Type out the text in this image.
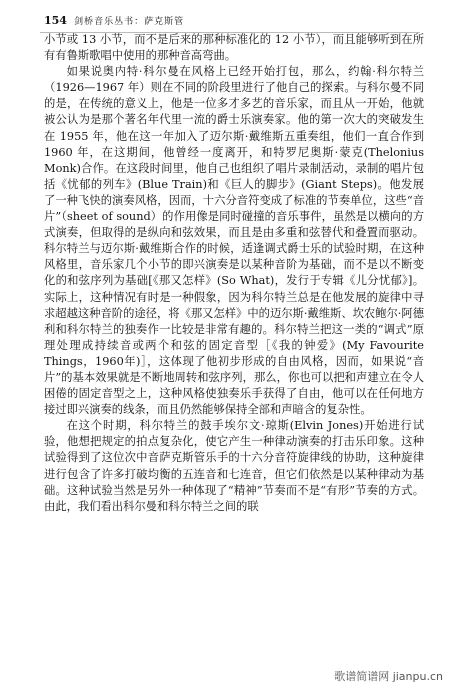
154 剑桥音乐丛书：萨克斯管

小节或 13 小节，而不是后来的那种标准化的 12 小节），而且能够听到在所有有鲁斯歌唱中使用的那种音高弯曲。

如果说奥内特·科尔曼在风格上已经开始打包，那么，约翰·科尔特兰（1926—1967 年）则在不同的阶段里进行了他自己的探索。与科尔曼不同的是，在传统的意义上，他是一位多才多艺的音乐家，而且从一开始，他就被公认为是那个著名年代里一流的爵士乐演奏家。他的第一次大的突破发生在 1955 年，他在这一年加入了迈尔斯·戴维斯五重奏组，他们一直合作到 1960 年，在这期间，他曾经一度离开，和特罗尼奥斯·蒙克(Thelonius Monk)合作。在这段时间里，他自己也组织了唱片录制活动，录制的唱片包括《忧郁的列车》(Blue Train)和《巨人的脚步》(Giant Steps)。他发展了一种飞快的演奏风格，因而，十六分音符变成了标准的节奏单位，这些“音片”（sheet of sound）的作用像是同时碰撞的音乐事件，虽然是以横向的方式演奏，但取得的是纵向和弦效果，而且是由多重和弦替代和叠置而驱动。科尔特兰与迈尔斯·戴维斯合作的时候，适逢调式爵士乐的试验时期，在这种风格里，音乐家几个小节的即兴演奏是以某种音阶为基础，而不是以不断变化的和弦序列为基础[《那又怎样》(So What)，发行于专辑《儿分忧郁》]。实际上，这种情况有时是一种假象，因为科尔特兰总是在他发展的旋律中寻求超越这种音阶的途径，将《那又怎样》中的迈尔斯·戴维斯、坎农鲍尔·阿德利和科尔特兰的独奏作一比较是非常有趣的。科尔特兰把这一类的“调式”原理处理成持续音或两个和弦的固定音型［《我的钟爱》(My Favourite Things，1960年)］，这体现了他初步形成的自由风格，因而，如果说“音片”的基本效果就是不断地周转和弦序列，那么，你也可以把和声建立在令人困倦的固定音型之上，这种风格使独奏乐手获得了自由，他可以在任何地方接过即兴演奏的线条，而且仍然能够保持全部和声暗含的复杂性。

在这个时期，科尔特兰的鼓手埃尔文·琼斯(Elvin Jones)开始进行试验，他想把规定的拍点复杂化，使它产生一种律动演奏的打击乐印象。这种试验得到了这位次中音萨克斯管乐手的十六分音符旋律线的协助，这种旋律进行包含了许多打破均衡的五连音和七连音，但它们依然是以某种律动为基础。这种试验当然是另外一种体现了“精神”节奏而不是“有形”节奏的方式。由此，我们看出科尔曼和科尔特兰之间的联

歌谱简谱网 jianpu.cn
